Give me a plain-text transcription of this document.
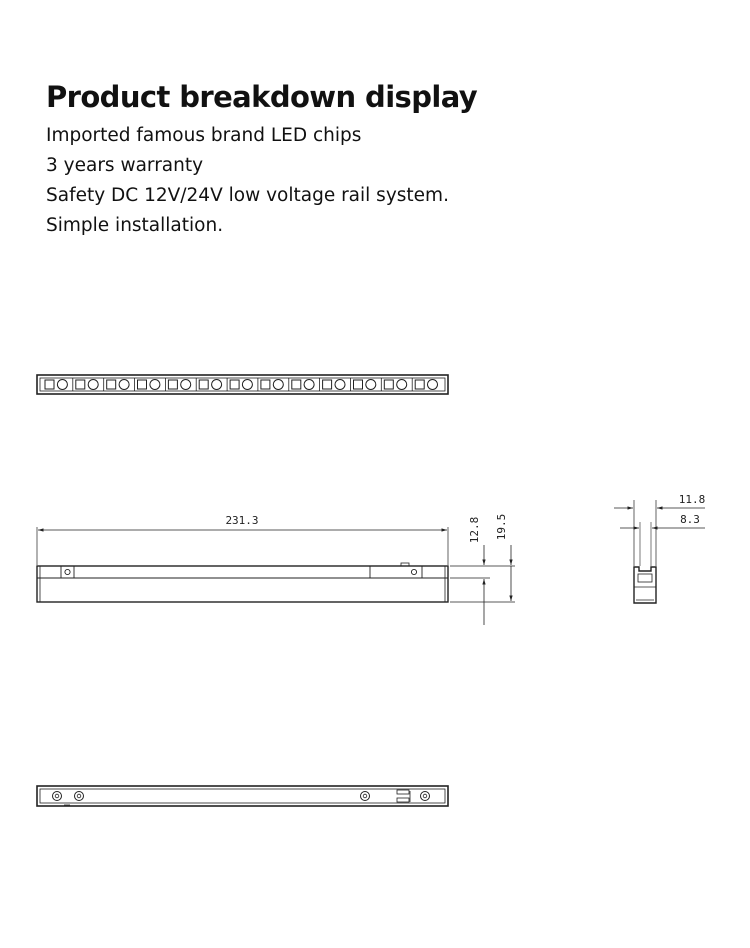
Product breakdown display
Imported famous brand LED chips
3 years warranty
Safety DC 12V/24V low voltage rail system.
Simple installation.
231.3	12.8 19.5
11.8
8.3
